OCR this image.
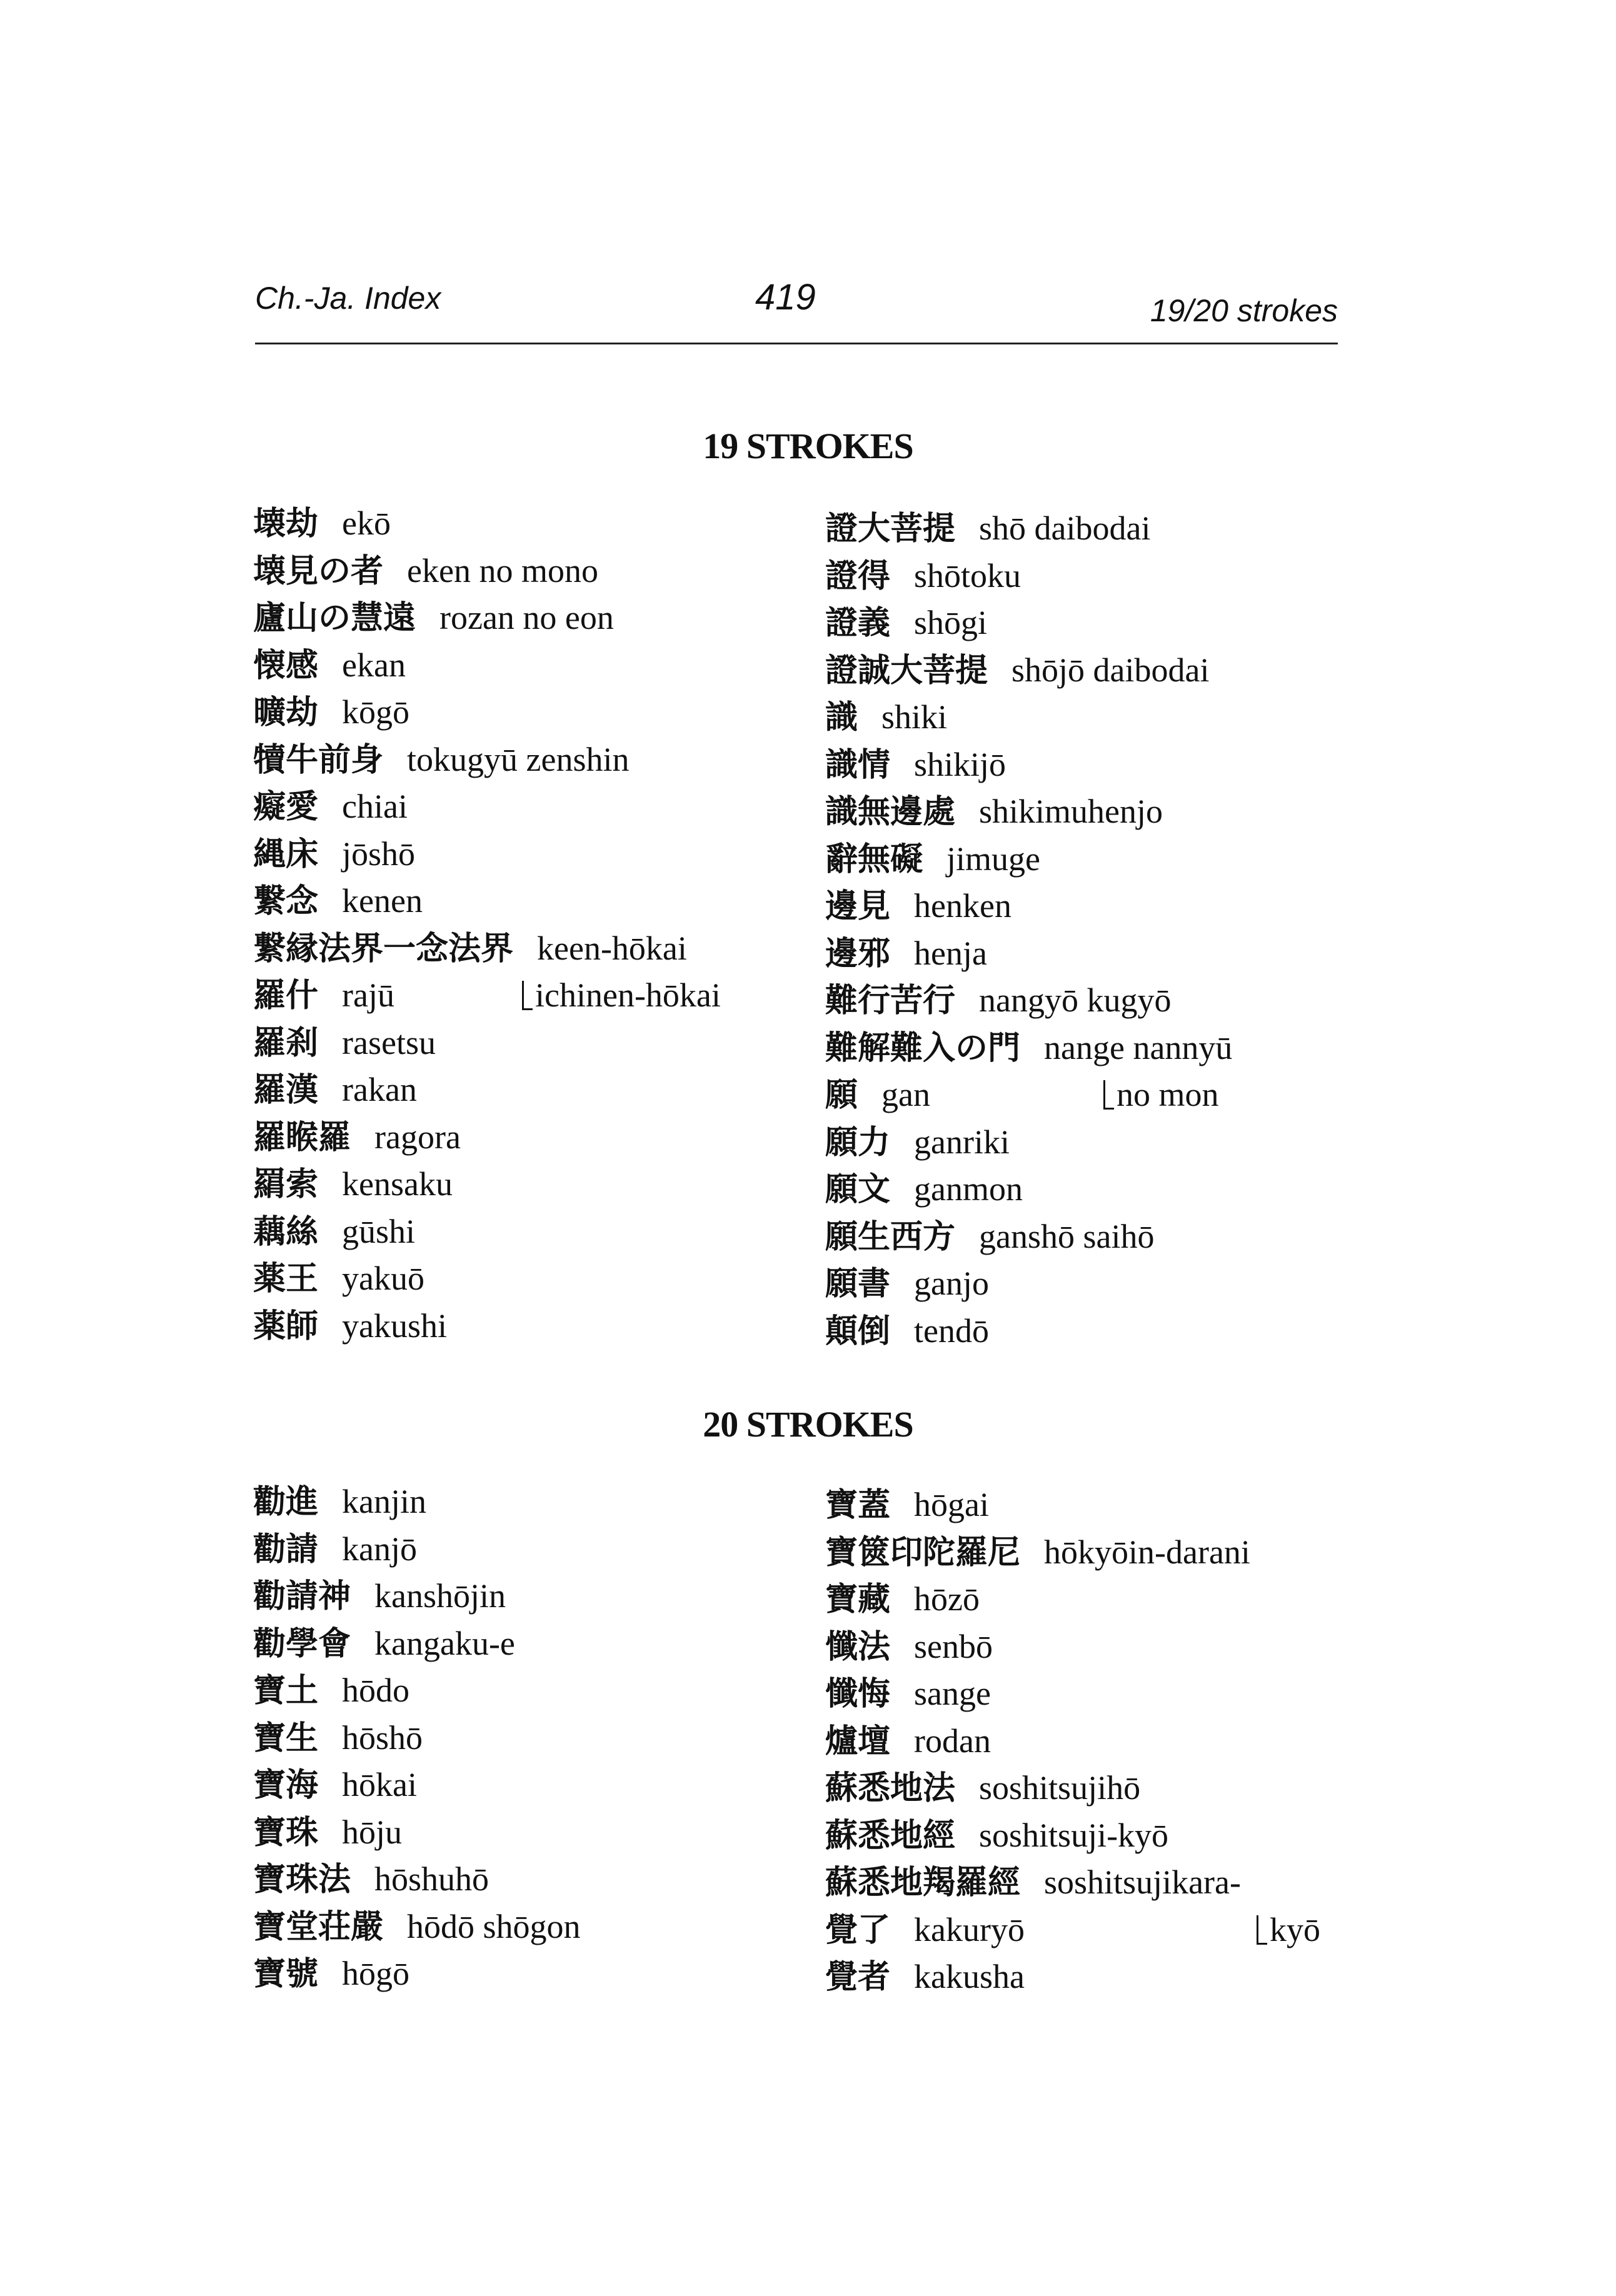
Ch.-Ja. Index	419	19/20 strokes
19 STROKES
壊劫 ekō
壊見の者 eken no mono
廬山の慧遠 rozan no eon
懐感 ekan
曠劫 kōgō
犢牛前身 tokugyū zenshin
癡愛 chiai
縄床 jōshō
繋念 kenen
繋縁法界一念法界 keen-hōkai
羅什 rajū	ichinen-hōkai
羅刹 rasetsu
羅漢 rakan
羅睺羅 ragora
羂索 kensaku
藕絲 gūshi
薬王 yakuō
薬師 yakushi
證大菩提 shō daibodai
證得 shōtoku
證義 shōgi
證誠大菩提 shōjō daibodai
識 shiki
識情 shikijō
識無邊處 shikimuhenjo
辭無礙 jimuge
邊見 henken
邊邪 henja
難行苦行 nangyō kugyō
難解難入の門 nange nannyū
願 gan	no mon
願力 ganriki
願文 ganmon
願生西方 ganshō saihō
願書 ganjo
顛倒 tendō
20 STROKES
勸進 kanjin
勸請 kanjō
勸請神 kanshōjin
勸學會 kangaku-e
寶土 hōdo
寶生 hōshō
寶海 hōkai
寶珠 hōju
寶珠法 hōshuhō
寶堂荘嚴 hōdō shōgon
寶號 hōgō
寶蓋 hōgai
寶篋印陀羅尼 hōkyōin-darani
寶藏 hōzō
懺法 senbō
懺悔 sange
爐壇 rodan
蘇悉地法 soshitsujihō
蘇悉地經 soshitsuji-kyō
蘇悉地羯羅經 soshitsujikara-
覺了 kakuryō	kyō
覺者 kakusha
